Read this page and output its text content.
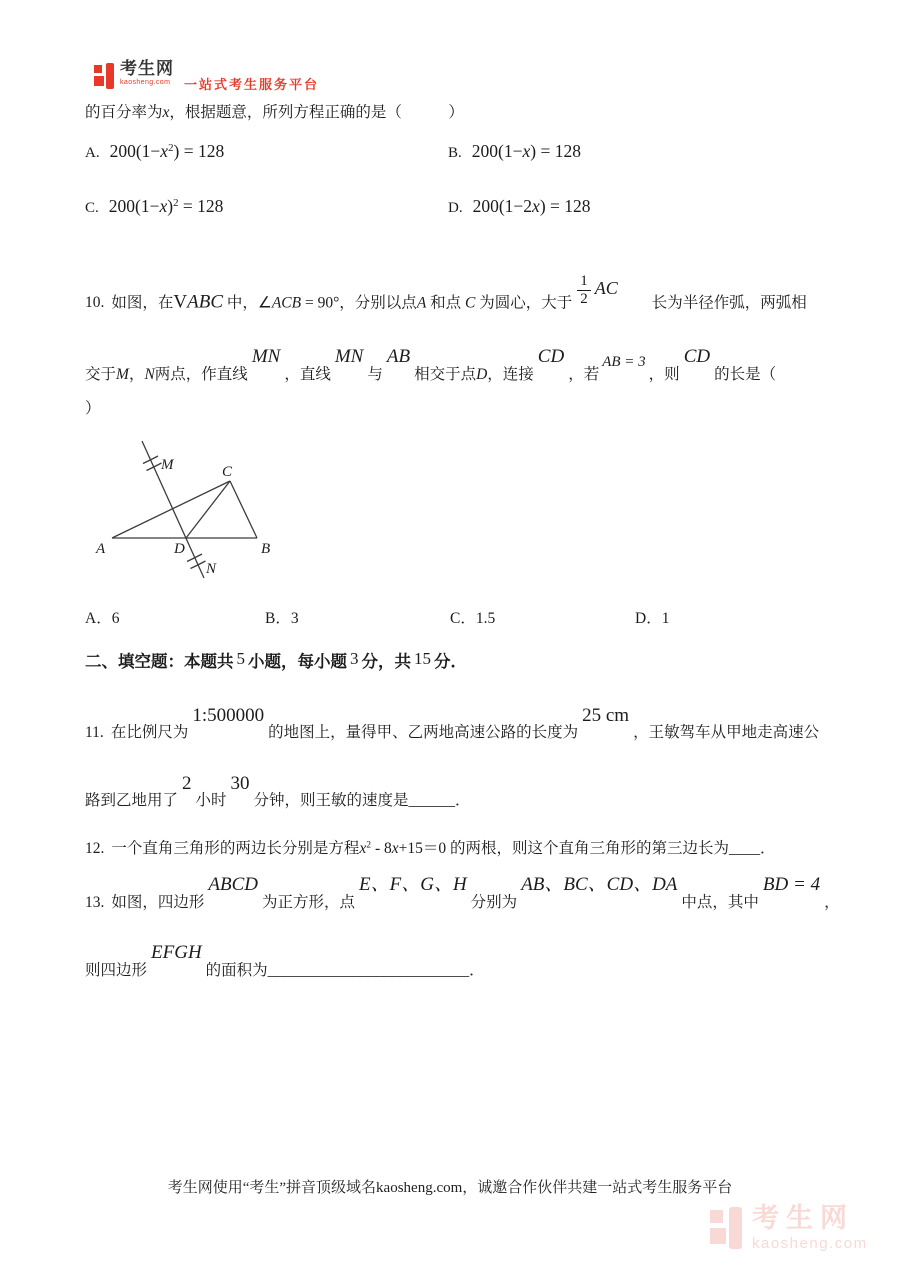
考生网
kaosheng.com 一站式考生服务平台
的百分率为x，根据题意，所列方程正确的是（　　　）
A. $200(1-x^2) = 128$	B. 200(1−x) = 128
C. $200(1-x)^2 = 128$	D. 200(1−2x) = 128
10. 如图，在VABC 中，∠ACB = 90°，分别以点A 和点 C 为圆心，大于 $\frac{1}{2}$ AC长为半径作弧，两弧相
交于M，N两点，作直线MN，直线MN与AB相交于点D，连接CD，若AB = 3，则CD的长是（
）
A	B
C
D
M
N
A．6	B．3	C．1.5	D．1
二、填空题：本题共 5 小题，每小题 3 分，共 15 分．
11. 在比例尺为1:500000的地图上，量得甲、乙两地高速公路的长度为25 cm，王敏驾车从甲地走高速公
路到乙地用了2小时30分钟，则王敏的速度是______．
12. 一个直角三角形的两边长分别是方程$x^2 - 8x+15=0$ 的两根，则这个直角三角形的第三边长为____．
13. 如图，四边形ABCD为正方形，点E、F、G、H分别为AB、BC、CD、DA中点，其中BD = 4，
则四边形EFGH的面积为__________________________．
考生网使用“考生”拼音顶级域名kaosheng.com，诚邀合作伙伴共建一站式考生服务平台
考生网
kaosheng.com
